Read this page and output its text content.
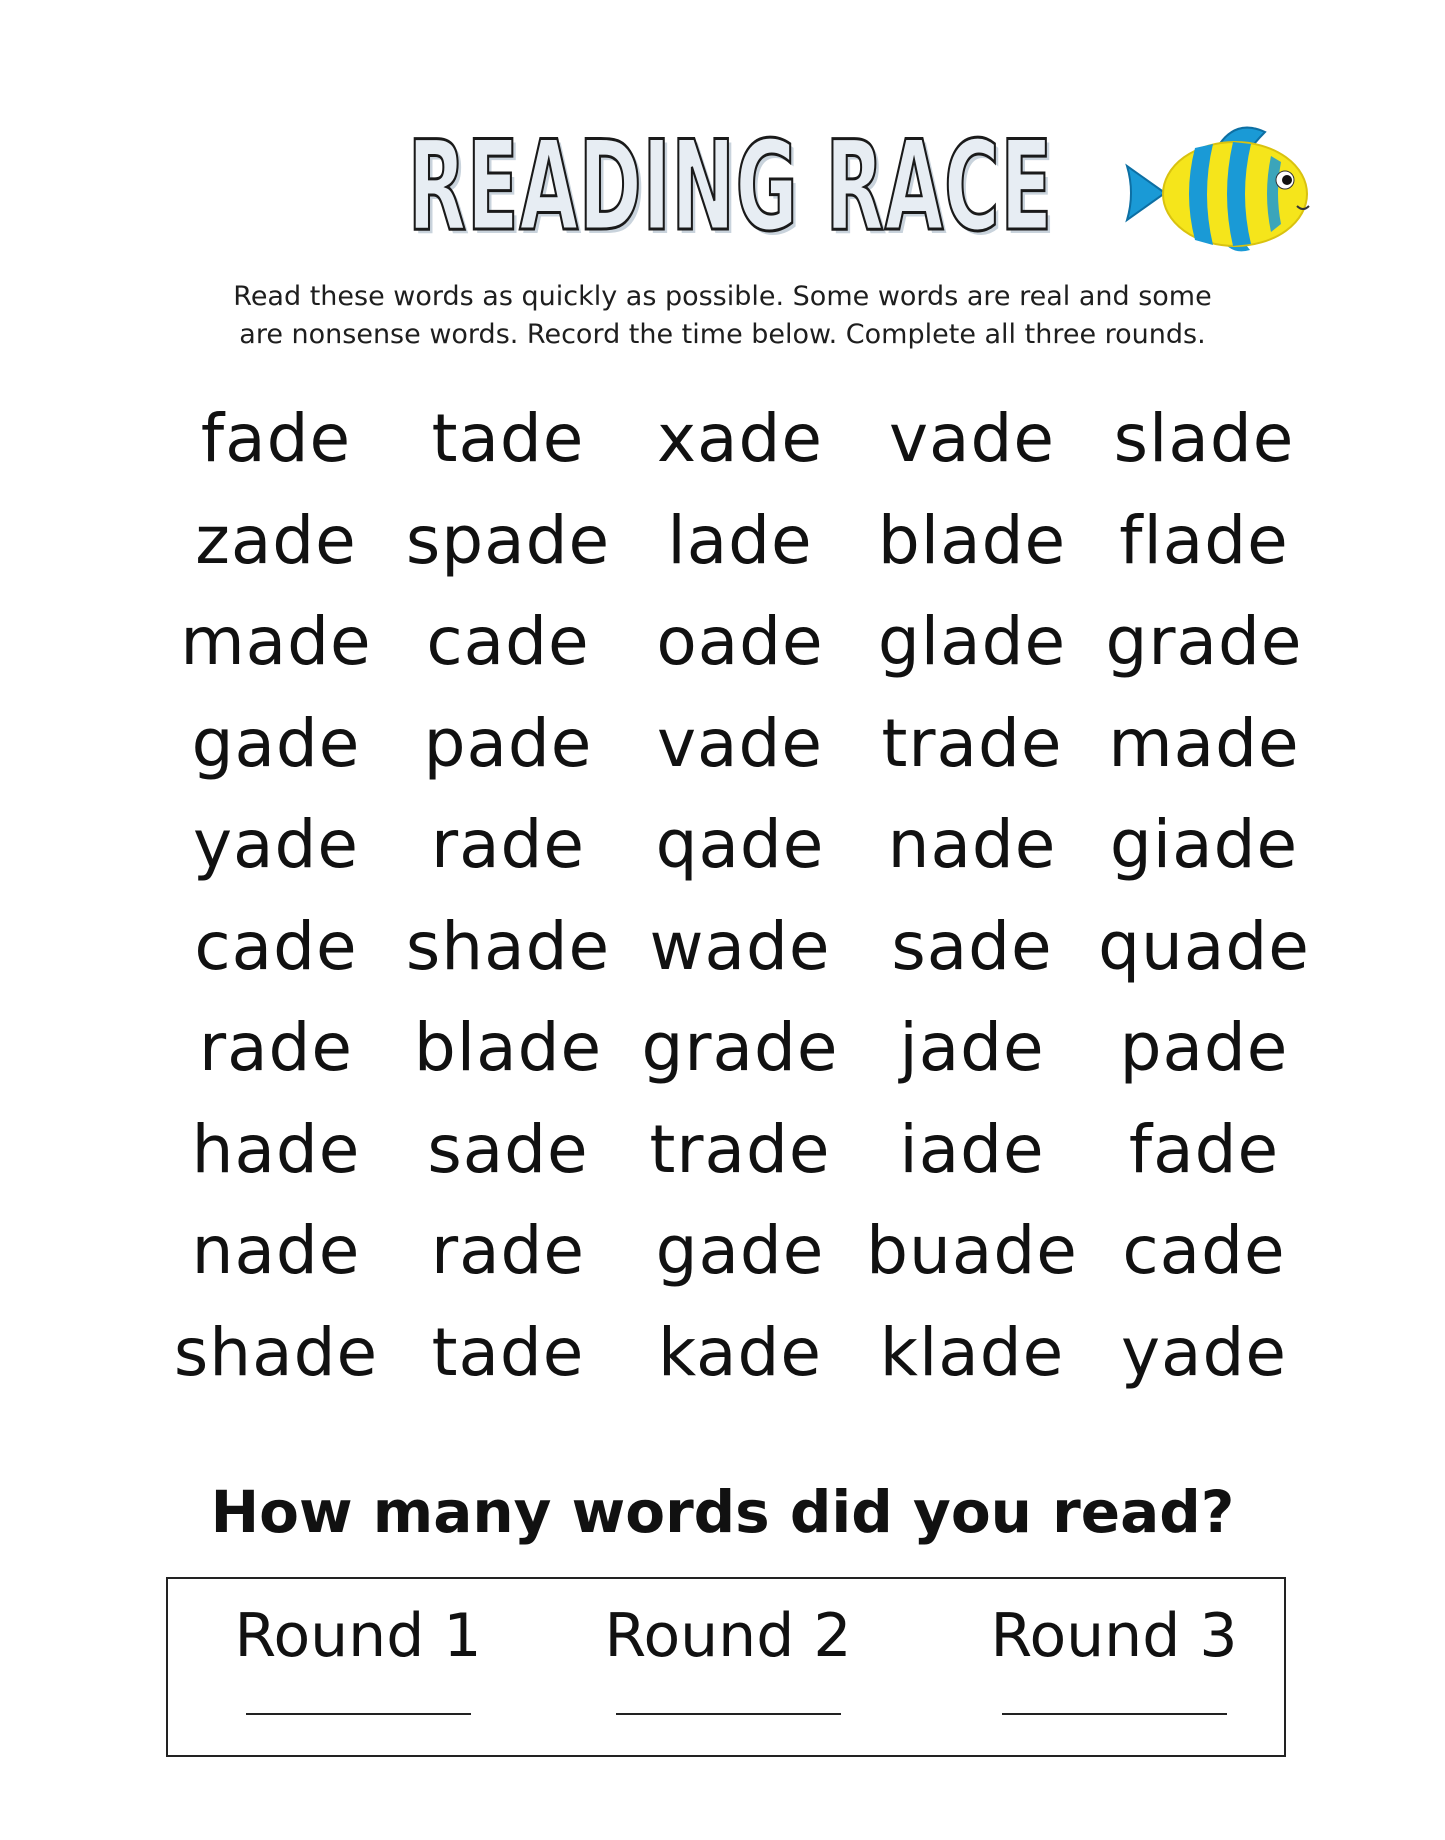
READING RACE
Read these words as quickly as possible. Some words are real and some
are nonsense words. Record the time below. Complete all three rounds.
fade	tade	xade vade slade
zade spade lade blade flade
made cade	oade glade grade
gade pade vade trade made
yade	rade	qade nade giade
cade shade wade sade quade
rade blade grade jade	pade
hade	sade trade	iade	fade
nade	rade	gade buade cade
shade tade	kade klade yade
How many words did you read?
Round 1 Round 2 Round 3
